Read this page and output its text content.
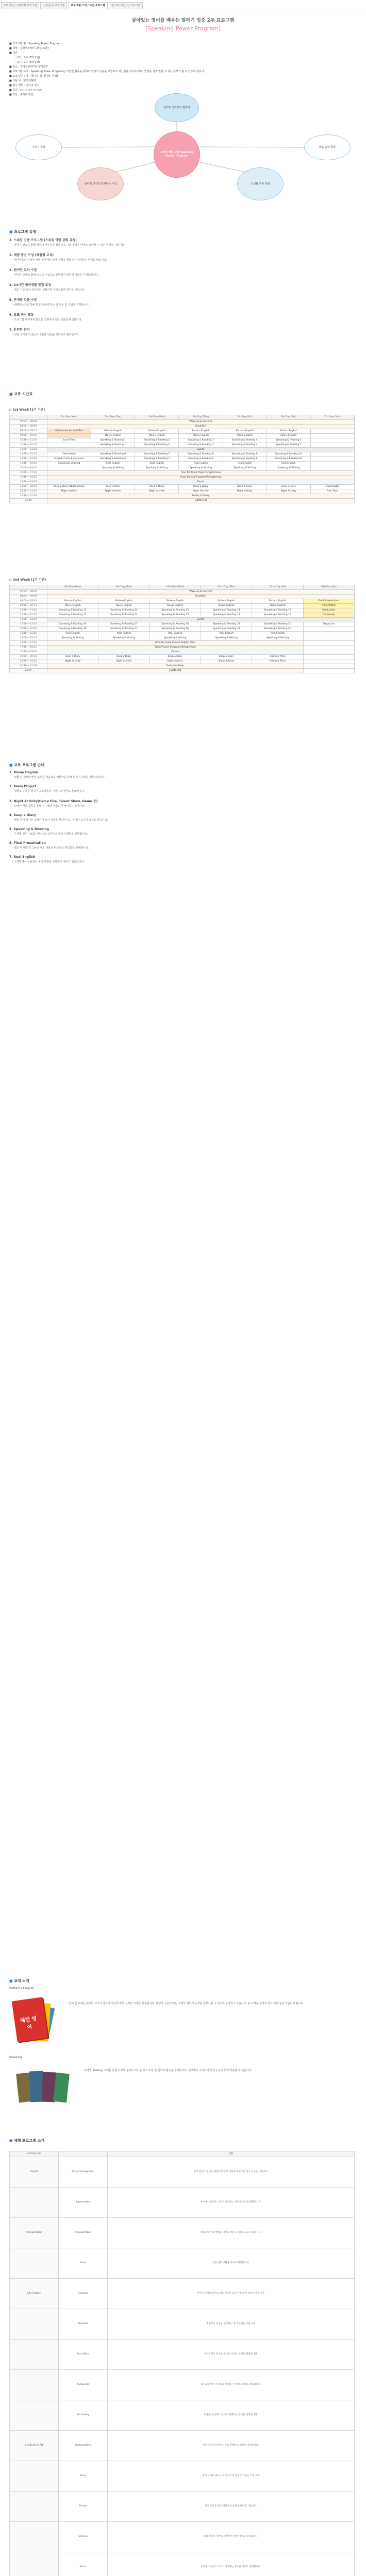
구미시청 / 시행계획 프로그램	신청/등록 프로그램	프로그램 소개 / 사전 프로그램	전 프로그램 / 간 프로그램
살아있는 영어를 배우는 말하기 집중 2주 프로그램
[Speaking Power Program]
■ 프로그램 명 : Speaking Power Program
■ 대상 : 중학생 (예비 1학년 포함)
■ 기간 :
- 1기 : 2주 (1박 2일)
- 2기 : 2주 (1박 2일)
■ 장소 : 경기도영어마을 양평캠프
■ 프로그램 목적 : Speaking Power Program은 다양한 활동을 통하여 영어의 실용을 체험하고 자신감을 갖도록 하며, 영어를 실제 말할 수 있는 공부가 될 수 있도록 합니다.
■ 모집 인원 : 각 기별 ○○명 (선착순 마감)
■ 교육 비 : 530,000원
■ 접수 방법 : 인터넷 접수
■ 문의 : ○○-○○○-○○○○
■ 기타 : 숙식비 포함
영어로 생각하고 말하기
스피킹 역량 강화 Speaking Power Program
원어민 교사와 함께하는 수업	실생활 영어 회화
자신감 향상	발표 능력 향상
■ 프로그램 특징
1. 스피킹 집중 프로그램 (스피킹 역량 강화 과정)
- 말하기 연습을 통해 영어의 자신감을 회복하고 나의 생각을 영어로 표현할 수 있는 역량을 기릅니다.
2. 체험 중심 구성 (체험형 교육)
- 영어마을의 다양한 체험 공간에서 실제 상황을 체험하며 살아있는 영어를 배웁니다.
3. 원어민 교사 수업
- 원어민 교사와 함께 소규모 수업으로 진행되어 말하기 기회를 극대화합니다.
4. 24시간 영어생활 환경 조성
- 캠프 기간 동안 영어로만 생활하며 자연스럽게 영어를 익힙니다.
5. 단계별 맞춤 수업
- 레벨테스트를 통해 학생 수준에 맞는 반 편성 및 수업을 진행합니다.
6. 발표 중심 활동
- 프로그램 마지막에 발표를 진행하여 학습 성과를 확인합니다.
7. 안전한 관리
- 전담 교사가 학생들의 생활과 안전을 책임지고 관리합니다.
■ 교육 시간표
▷ 1st Week (1기 기준)
	1st Day (Mon)	2nd Day (Tue)	3rd Day (Wed)	4th Day (Thu)	5th Day (Fri)	6th Day (Sat)	7th Day (Sun)
07:00 ~ 08:00	Wake up & Exercise						
08:00 ~ 09:00	Breakfast						
09:00 ~ 09:45	Orientation & Level Test	Pattern English	Pattern English	Pattern English	Pattern English	Pattern English	
09:50 ~ 10:35		Movie English	Movie English	Movie English	Movie English	Movie English	
10:40 ~ 11:25	Level Test	Speaking & Reading 1	Speaking & Reading 2	Speaking & Reading 3	Speaking & Reading 4	Speaking & Reading 5	
11:30 ~ 12:15		Speaking & Reading 1	Speaking & Reading 2	Speaking & Reading 3	Speaking & Reading 4	Speaking & Reading 5	
12:20 ~ 13:30	Lunch						
13:30 ~ 14:15	Orientation	Speaking & Reading 6	Speaking & Reading 7	Speaking & Reading 8	Speaking & Reading 9	Speaking & Reading 10	
14:20 ~ 15:05	English Camp Experience	Speaking & Reading 6	Speaking & Reading 7	Speaking & Reading 8	Speaking & Reading 9	Speaking & Reading 10	
15:10 ~ 15:55	Speaking Listening	Real English	Real English	Real English	Real English	Real English	
16:00 ~ 16:45		Speaking & Writing	Speaking & Writing	Speaking & Writing	Speaking & Writing	Speaking & Writing	
16:50 ~ 17:35	Time for Team Project English Hour						
17:40 ~ 18:25	Team Project Program Management						
18:30 ~ 19:30	Dinner						
19:30 ~ 20:15	Keep a Diary (Night Study)	Keep a Diary	Keep a Diary	Keep a Diary	Keep a Diary	Keep a Diary	Movie Night
20:20 ~ 21:05	Night Activity	Night Activity	Night Activity	Night Activity	Night Activity	Night Activity	Free Time
21:10 ~ 21:30	Ready to Sleep						
22:00	Lights Out						
▷ 2nd Week (1기 기준)
	8th Day (Mon)	9th Day (Tue)	10th Day (Wed)	11th Day (Thu)	12th Day (Fri)	13th Day (Sat)
07:00 ~ 08:00	Wake up & Exercise					
08:00 ~ 09:00	Breakfast					
09:00 ~ 09:45	Pattern English	Pattern English	Pattern English	Pattern English	Pattern English	Final Presentation
09:50 ~ 10:35	Movie English	Movie English	Movie English	Movie English	Movie English	Presentation
10:40 ~ 11:25	Speaking & Reading 11	Speaking & Reading 12	Speaking & Reading 13	Speaking & Reading 14	Speaking & Reading 15	Graduation
11:30 ~ 12:15	Speaking & Reading 11	Speaking & Reading 12	Speaking & Reading 13	Speaking & Reading 14	Speaking & Reading 15	Ceremony
12:20 ~ 13:30	Lunch					
13:30 ~ 14:15	Speaking & Reading 16	Speaking & Reading 17	Speaking & Reading 18	Speaking & Reading 19	Speaking & Reading 20	Departure
14:20 ~ 15:05	Speaking & Reading 16	Speaking & Reading 17	Speaking & Reading 18	Speaking & Reading 19	Speaking & Reading 20	
15:10 ~ 15:55	Real English	Real English	Real English	Real English	Real English	
16:00 ~ 16:45	Speaking & Writing	Speaking & Writing	Speaking & Writing	Speaking & Writing	Speaking & Writing	
16:50 ~ 17:35	Time for Team Project English Hour					
17:40 ~ 18:25	Team Project Program Management					
18:30 ~ 19:30	Dinner					
19:30 ~ 20:15	Keep a Diary	Keep a Diary	Keep a Diary	Keep a Diary	Farewell Party	
20:20 ~ 21:05	Night Activity	Night Activity	Night Activity	Night Activity	Farewell Party	
21:10 ~ 21:30	Ready to Sleep					
22:00	Lights Out					
■ 교육 프로그램 안내
1. Movie English
- 영화 속 생생한 영어 표현을 학습하고 역할극을 통해 말하기 실력을 향상시킵니다.
2. Team Project
- 팀별로 주제를 정하여 프로젝트를 수행하고 영어로 발표합니다.
3. Night Activity(Camp Fire, Talent Show, Game 등)
- 다양한 저녁 활동을 통해 친구들과 어울리며 영어를 사용합니다.
4. Keep a Diary
- 매일 영어 일기를 작성하여 쓰기 능력을 향상시키고 원어민 교사의 첨삭을 받습니다.
5. Speaking & Reading
- 주제별 읽기 자료를 바탕으로 토론하고 말하기 활동을 진행합니다.
6. Final Presentation
- 캠프 마지막 날 그동안 배운 내용을 바탕으로 발표회를 진행합니다.
7. Real English
- 실생활에서 사용되는 영어 표현을 상황별로 배우고 연습합니다.
■ 교재 소개
Patterns English
패턴 영어
- 원어 및 교재는 원어민 교사가 캠프의 특성에 맞게 선정한 교재를 사용합니다. 학생의 수준에 맞는 교재로 말하기 능력을 향상시킬 수 있도록 구성되어 있습니다. 본 교재를 통하여 캠프 기간 동안 학습하게 됩니다.
Reading
- 주제별 Reading 교재를 통해 다양한 분야의 지식을 쌓고 토론 및 말하기 활동을 진행합니다. 단계별로 구성되어 학생 수준에 맞게 학습할 수 있습니다.
■ 체험 프로그램 소개
Activity List		내용
Airport	Airport Immigration	공항 출입국 절차를 체험하며 실제 상황에서 필요한 영어 표현을 익힙니다.
	Supermarket	마트에서 물건을 고르고 계산하는 과정을 영어로 체험합니다.
Transportation	Transportation	대중교통 이용 방법을 영어로 배우고 역할극으로 연습합니다.
	Bank	은행 업무 상황을 영어로 체험합니다.
Life Culture	Cooking	원어민 교사와 함께 요리를 만들며 요리 관련 영어 표현을 배웁니다.
	Hospital	병원에서 증상을 설명하는 영어 표현을 익힙니다.
	Post Office	우체국에서 편지와 소포를 보내는 과정을 체험합니다.
	Restaurant	레스토랑에서 주문하고 식사하는 상황을 영어로 체험합니다.
	Art Gallery	작품을 감상하고 영어로 설명하는 활동을 진행합니다.
Creativity & Art	Broadcasting	방송 스튜디오에서 뉴스를 진행하고 영상을 제작합니다.
	Music	영어 노래를 배우고 함께 부르며 발음과 리듬을 익힙니다.
	Drama	연극 대본을 읽고 역할극을 통해 표현력을 기릅니다.
	Science	과학 실험을 영어로 진행하며 관련 어휘를 학습합니다.
	Robot	로봇을 조립하고 프로그래밍하는 활동을 영어로 진행합니다.
